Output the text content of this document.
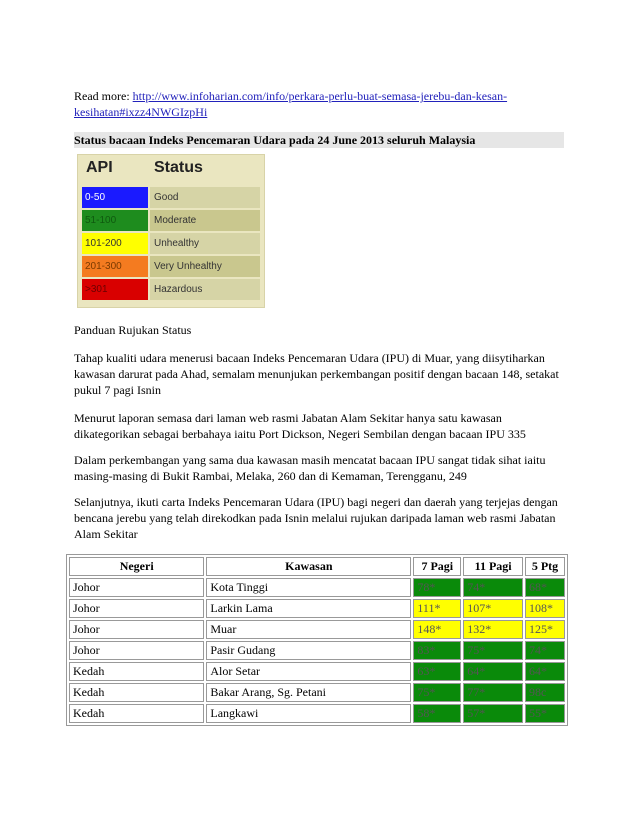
Read more: http://www.infoharian.com/info/perkara-perlu-buat-semasa-jerebu-dan-kesan-kesihatan#ixzz4NWGIzpHi
Status bacaan Indeks Pencemaran Udara pada 24 June 2013 seluruh Malaysia
API	Status
0-50	Good
51-100	Moderate
101-200	Unhealthy
201-300	Very Unhealthy
>301	Hazardous
Panduan Rujukan Status
Tahap kualiti udara menerusi bacaan Indeks Pencemaran Udara (IPU) di Muar, yang diisytiharkan kawasan darurat pada Ahad, semalam menunjukan perkembangan positif dengan bacaan 148, setakat pukul 7 pagi Isnin
Menurut laporan semasa dari laman web rasmi Jabatan Alam Sekitar hanya satu kawasan dikategorikan sebagai berbahaya iaitu Port Dickson, Negeri Sembilan dengan bacaan IPU 335
Dalam perkembangan yang sama dua kawasan masih mencatat bacaan IPU sangat tidak sihat iaitu masing-masing di Bukit Rambai, Melaka, 260 dan di Kemaman, Terengganu, 249
Selanjutnya, ikuti carta Indeks Pencemaran Udara (IPU) bagi negeri dan daerah yang terjejas dengan bencana jerebu yang telah direkodkan pada Isnin melalui rujukan daripada laman web rasmi Jabatan Alam Sekitar
Negeri	Kawasan	7 Pagi	11 Pagi	5 Ptg
Johor	Kota Tinggi	78*	74*	68*
Johor	Larkin Lama	111*	107*	108*
Johor	Muar	148*	132*	125*
Johor	Pasir Gudang	83*	75*	74*
Kedah	Alor Setar	63*	64*	64*
Kedah	Bakar Arang, Sg. Petani	75*	77*	98c
Kedah	Langkawi	58*	57*	55*
